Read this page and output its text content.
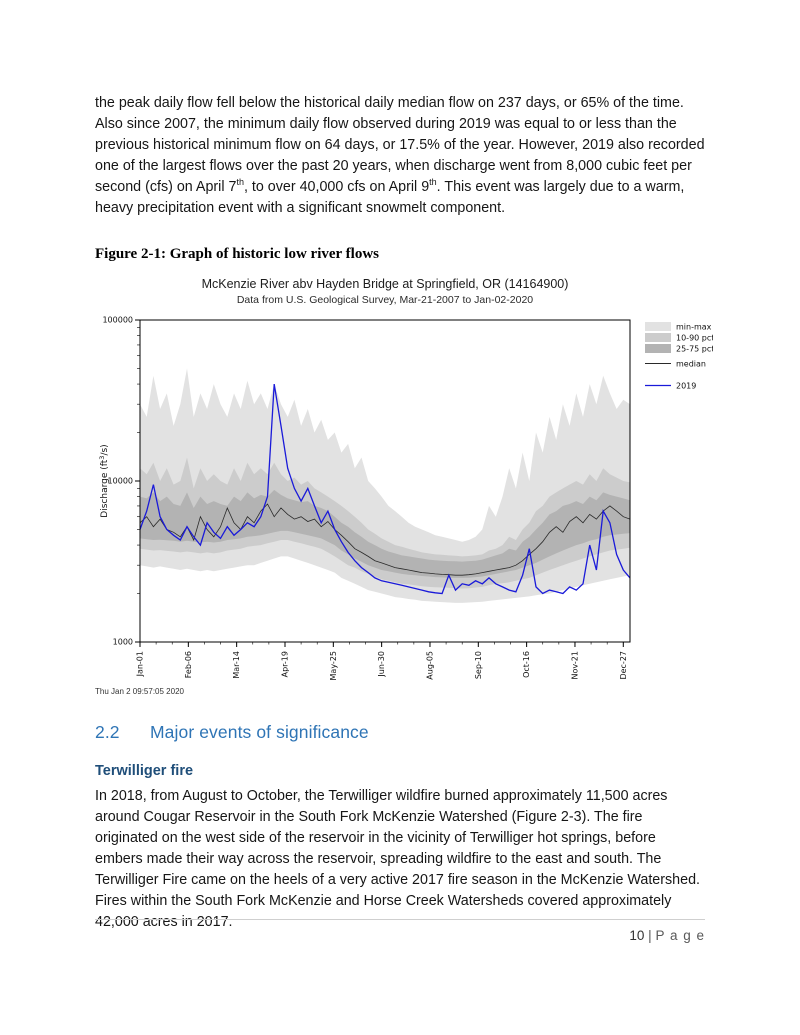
the peak daily flow fell below the historical daily median flow on 237 days, or 65% of the time. Also since 2007, the minimum daily flow observed during 2019 was equal to or less than the previous historical minimum flow on 64 days, or 17.5% of the year. However, 2019 also recorded one of the largest flows over the past 20 years, when discharge went from 8,000 cubic feet per second (cfs) on April 7th, to over 40,000 cfs on April 9th. This event was largely due to a warm, heavy precipitation event with a significant snowmelt component.

Figure 2-1: Graph of historic low river flows
McKenzie River abv Hayden Bridge at Springfield, OR (14164900)
Data from U.S. Geological Survey, Mar-21-2007 to Jan-02-2020
1000
10000
100000
Jan-01	Feb-06	Mar-14	Apr-19	May-25	Jun-30	Aug-05	Sep-10	Oct-16	Nov-21	Dec-27
Discharge $(ft^3/s)$
min-max
10-90 pctl
25-75 pctl
median
2019
Thu Jan 2 09:57:05 2020
2.2	Major events of significance
Terwilliger fire

In 2018, from August to October, the Terwilliger wildfire burned approximately 11,500 acres around Cougar Reservoir in the South Fork McKenzie Watershed (Figure 2-3). The fire originated on the west side of the reservoir in the vicinity of Terwilliger hot springs, before embers made their way across the reservoir, spreading wildfire to the east and south. The Terwilliger Fire came on the heels of a very active 2017 fire season in the McKenzie Watershed. Fires within the South Fork McKenzie and Horse Creek Watersheds covered approximately 42,000 acres in 2017.

10 | P a g e
